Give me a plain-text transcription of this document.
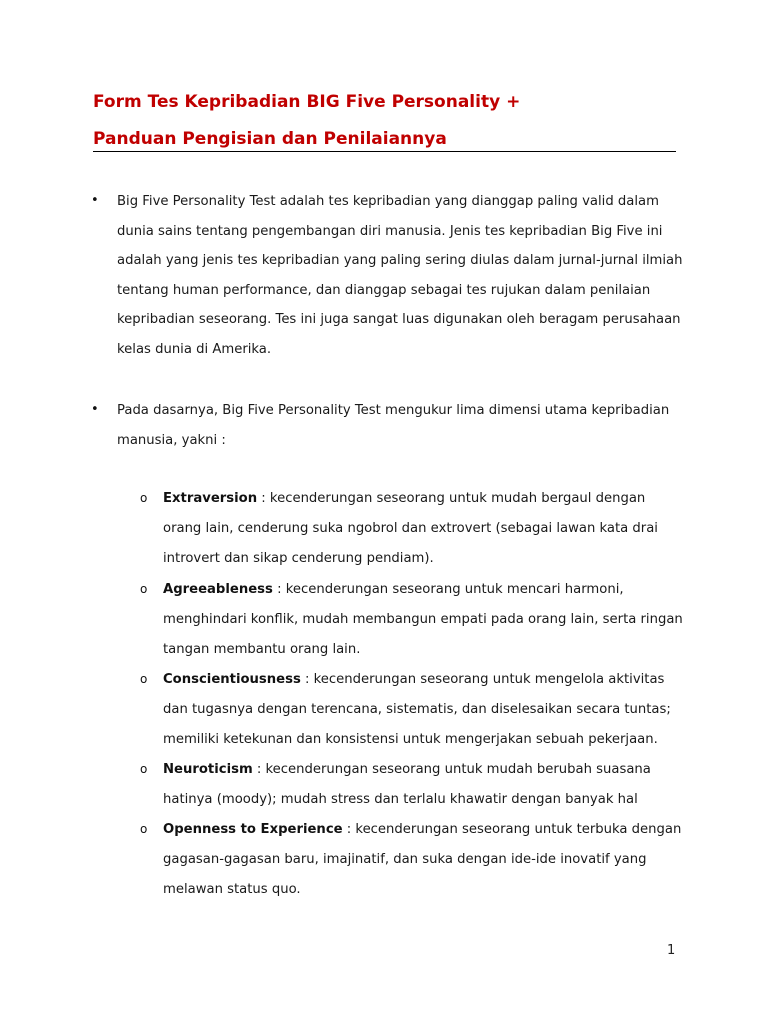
Form Tes Kepribadian BIG Five Personality +
Panduan Pengisian dan Penilaiannya
• Big Five Personality Test adalah tes kepribadian yang dianggap paling valid dalam dunia sains tentang pengembangan diri manusia. Jenis tes kepribadian Big Five ini adalah yang jenis tes kepribadian yang paling sering diulas dalam jurnal-jurnal ilmiah tentang human performance, dan dianggap sebagai tes rujukan dalam penilaian kepribadian seseorang. Tes ini juga sangat luas digunakan oleh beragam perusahaan kelas dunia di Amerika.
• Pada dasarnya, Big Five Personality Test mengukur lima dimensi utama kepribadian manusia, yakni :
o Extraversion : kecenderungan seseorang untuk mudah bergaul dengan orang lain, cenderung suka ngobrol dan extrovert (sebagai lawan kata drai introvert dan sikap cenderung pendiam).
o Agreeableness : kecenderungan seseorang untuk mencari harmoni, menghindari konflik, mudah membangun empati pada orang lain, serta ringan tangan membantu orang lain.
o Conscientiousness : kecenderungan seseorang untuk mengelola aktivitas dan tugasnya dengan terencana, sistematis, dan diselesaikan secara tuntas; memiliki ketekunan dan konsistensi untuk mengerjakan sebuah pekerjaan.
o Neuroticism : kecenderungan seseorang untuk mudah berubah suasana hatinya (moody); mudah stress dan terlalu khawatir dengan banyak hal
o Openness to Experience : kecenderungan seseorang untuk terbuka dengan gagasan-gagasan baru, imajinatif, dan suka dengan ide-ide inovatif yang melawan status quo.
1
